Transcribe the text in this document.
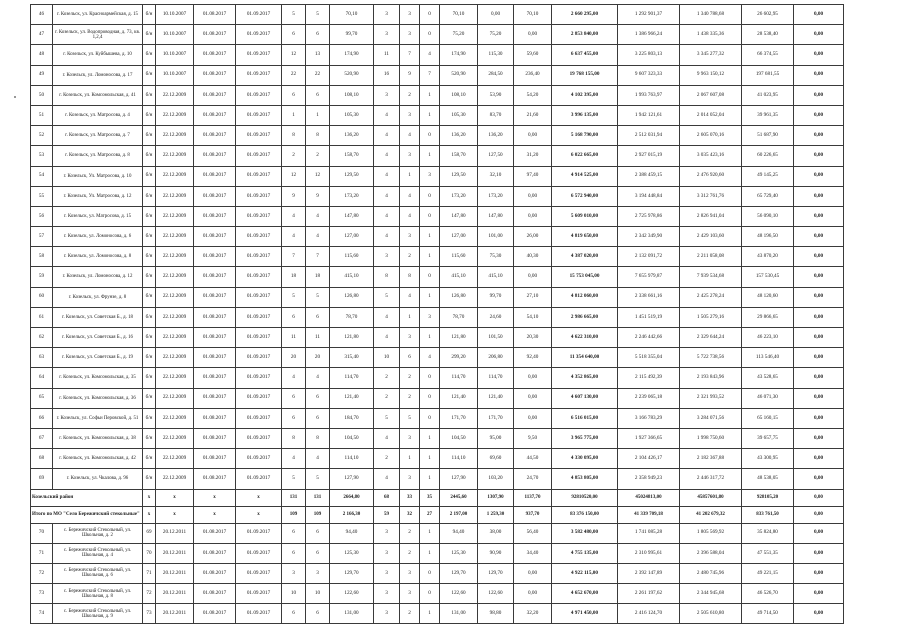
46	г. Козельск, ул. Красноармейская, д. 15	б/н	10.10.2007	01.08.2017	01.09.2017	5	5	70,10	3	3	0	70,10	0,00	70,10	2 660 295,00	1 292 901,37	1 340 788,68	26 602,95	0,00
47	г. Козельск, ул. Водопроводная, д. 73, кв. 1,2,4	б/н	10.10.2007	01.08.2017	01.09.2017	6	6	99,70	3	3	0	75,20	75,20	0,00	2 853 840,00	1 386 966,24	1 438 335,36	28 538,40	0,00
48	г. Козельск, ул. Куйбышева, д. 10	б/н	10.10.2007	01.08.2017	01.09.2017	12	13	174,90	11	7	4	174,90	115,30	59,60	6 637 455,00	3 225 803,13	3 345 277,32	66 374,55	0,00
49	г. Козельск, ул. Ломоносова, д. 17	б/н	10.10.2007	01.08.2017	01.09.2017	22	22	520,90	16	9	7	520,90	284,50	236,40	19 768 155,00	9 607 323,33	9 963 150,12	197 681,55	0,00
50	г. Козельск, ул. Комсомольская, д. 41	б/н	22.12.2009	01.08.2017	01.09.2017	6	6	108,10	3	2	1	108,10	53,90	54,20	4 102 395,00	1 993 763,97	2 067 607,08	41 023,95	0,00
51	г. Козельск, ул. Матросова, д. 4	б/н	22.12.2009	01.08.2017	01.09.2017	1	1	105,30	4	3	1	105,30	83,70	21,60	3 996 135,00	1 942 121,61	2 014 052,04	39 961,35	0,00
52	г. Козельск, ул. Матросова, д. 7	б/н	22.12.2009	01.08.2017	01.09.2017	8	8	136,20	4	4	0	136,20	136,20	0,00	5 168 790,00	2 512 031,94	2 605 070,16	51 687,90	0,00
53	г. Козельск, ул. Матросова, д. 8	б/н	22.12.2009	01.08.2017	01.09.2017	2	2	158,70	4	3	1	158,70	127,50	31,20	6 022 665,00	2 927 015,19	3 035 423,16	60 226,65	0,00
54	г. Козельск, Ул. Матросова, д. 10	б/н	22.12.2009	01.08.2017	01.09.2017	12	12	129,50	4	1	3	129,50	32,10	97,40	4 914 525,00	2 388 459,15	2 476 920,60	49 145,25	0,00
55	г. Козельск, Ул. Матросова, д. 12	б/н	22.12.2009	01.08.2017	01.09.2017	9	9	173,20	4	4	0	173,20	173,20	0,00	6 572 940,00	3 194 448,84	3 312 761,76	65 729,40	0,00
56	г. Козельск, ул. Матросова, д. 15	б/н	22.12.2009	01.08.2017	01.09.2017	4	4	147,80	4	4	0	147,80	147,80	0,00	5 609 010,00	2 725 978,86	2 826 941,04	56 090,10	0,00
57	г. Козельск, ул. Ломоносова, д. 6	б/н	22.12.2009	01.08.2017	01.09.2017	4	4	127,00	4	3	1	127,00	101,00	26,00	4 819 650,00	2 342 349,90	2 429 103,60	48 196,50	0,00
58	г. Козельск, ул. Ломоносова, д. 8	б/н	22.12.2009	01.08.2017	01.09.2017	7	7	115,60	3	2	1	115,60	75,30	40,30	4 387 020,00	2 132 091,72	2 211 058,08	43 870,20	0,00
59	г. Козельск, ул. Ломоносова, д. 12	б/н	22.12.2009	01.08.2017	01.09.2017	18	18	415,10	8	8	0	415,10	415,10	0,00	15 753 045,00	7 655 979,87	7 939 534,68	157 530,45	0,00
60	г. Козельск, ул. Фрунзе, д. 8	б/н	22.12.2009	01.08.2017	01.09.2017	5	5	126,80	5	4	1	126,80	99,70	27,10	4 812 060,00	2 338 661,16	2 425 278,24	48 120,60	0,00
61	г. Козельск, ул. Советская Б., д. 18	б/н	22.12.2009	01.08.2017	01.09.2017	6	6	78,70	4	1	3	78,70	24,60	54,10	2 986 665,00	1 451 519,19	1 505 279,16	29 866,65	0,00
62	г. Козельск, ул. Советская Б., д. 16	б/н	22.12.2009	01.08.2017	01.09.2017	11	11	121,80	4	3	1	121,80	101,50	20,30	4 622 310,00	2 246 442,66	2 329 644,24	46 223,10	0,00
63	г. Козельск, ул. Советская Б., д. 19	б/н	22.12.2009	01.08.2017	01.09.2017	20	20	315,40	10	6	4	299,20	206,80	92,40	11 354 640,00	5 518 355,04	5 722 738,56	113 546,40	0,00
64	г. Козельск, ул. Комсомольская, д. 35	б/н	22.12.2009	01.08.2017	01.09.2017	4	4	114,70	2	2	0	114,70	114,70	0,00	4 352 865,00	2 115 492,39	2 193 843,96	43 528,65	0,00
65	г. Козельск, ул. Комсомольская, д. 36	б/н	22.12.2009	01.08.2017	01.09.2017	6	6	121,40	2	2	0	121,40	121,40	0,00	4 607 130,00	2 239 065,18	2 321 993,52	46 071,30	0,00
66	г. Козельск, ул. Софьи Перовской, д. 51	б/н	22.12.2009	01.08.2017	01.09.2017	6	6	184,70	5	5	0	171,70	171,70	0,00	6 516 015,00	3 166 783,29	3 284 071,56	65 160,15	0,00
67	г. Козельск, ул. Комсомольская, д. 38	б/н	22.12.2009	01.08.2017	01.09.2017	8	8	104,50	4	3	1	104,50	95,00	9,50	3 965 775,00	1 927 366,65	1 998 750,60	39 657,75	0,00
68	г. Козельск, ул. Комсомольская, д. 42	б/н	22.12.2009	01.08.2017	01.09.2017	4	4	114,10	2	1	1	114,10	69,60	44,50	4 330 095,00	2 104 426,17	2 182 367,88	43 300,95	0,00
69	г. Козельск, ул. Чкалова, д. 96	б/н	22.12.2009	01.08.2017	01.09.2017	5	5	127,90	4	3	1	127,90	103,20	24,70	4 853 805,00	2 358 949,23	2 446 317,72	48 538,05	0,00
Козельский район		x	x	x	x	131	131	2664,80	68	33	35	2445,60	1307,90	1137,70	92810520,00	45024813,00	45857601,80	928105,20	0,00
Итого по МО "Село Бережичский стекольныe"		x	x	x	x	109	109	2 166,30	59	32	27	2 197,00	1 259,30	937,70	83 376 150,00	41 339 709,18	41 202 679,32	833 761,50	0,00
70	с. Бережичский Стекольный, ул. Школьная, д. 2	69	20.12.2011	01.08.2017	01.09.2017	6	6	94,40	3	2	1	94,40	38,00	56,40	3 582 480,00	1 741 085,28	1 805 569,92	35 824,80	0,00
71	с. Бережичский Стекольный, ул. Школьная, д. 4	70	20.12.2011	01.08.2017	01.09.2017	6	6	125,30	3	2	1	125,30	90,90	34,40	4 755 135,00	2 310 995,61	2 396 588,04	47 551,35	0,00
72	с. Бережичский Стекольный, ул. Школьная, д. 6	71	20.12.2011	01.08.2017	01.09.2017	3	3	129,70	3	3	0	129,70	129,70	0,00	4 922 115,00	2 392 147,89	2 480 745,96	49 221,15	0,00
73	с. Бережичский Стекольный, ул. Школьная, д. 8	72	20.12.2011	01.08.2017	01.09.2017	10	10	122,60	3	3	0	122,60	122,60	0,00	4 652 670,00	2 261 197,62	2 344 945,68	46 526,70	0,00
74	с. Бережичский Стекольный, ул. Школьная, д. 9	73	20.12.2011	01.08.2017	01.09.2017	6	6	131,00	3	2	1	131,00	98,80	32,20	4 971 450,00	2 416 124,70	2 505 610,80	49 714,50	0,00
